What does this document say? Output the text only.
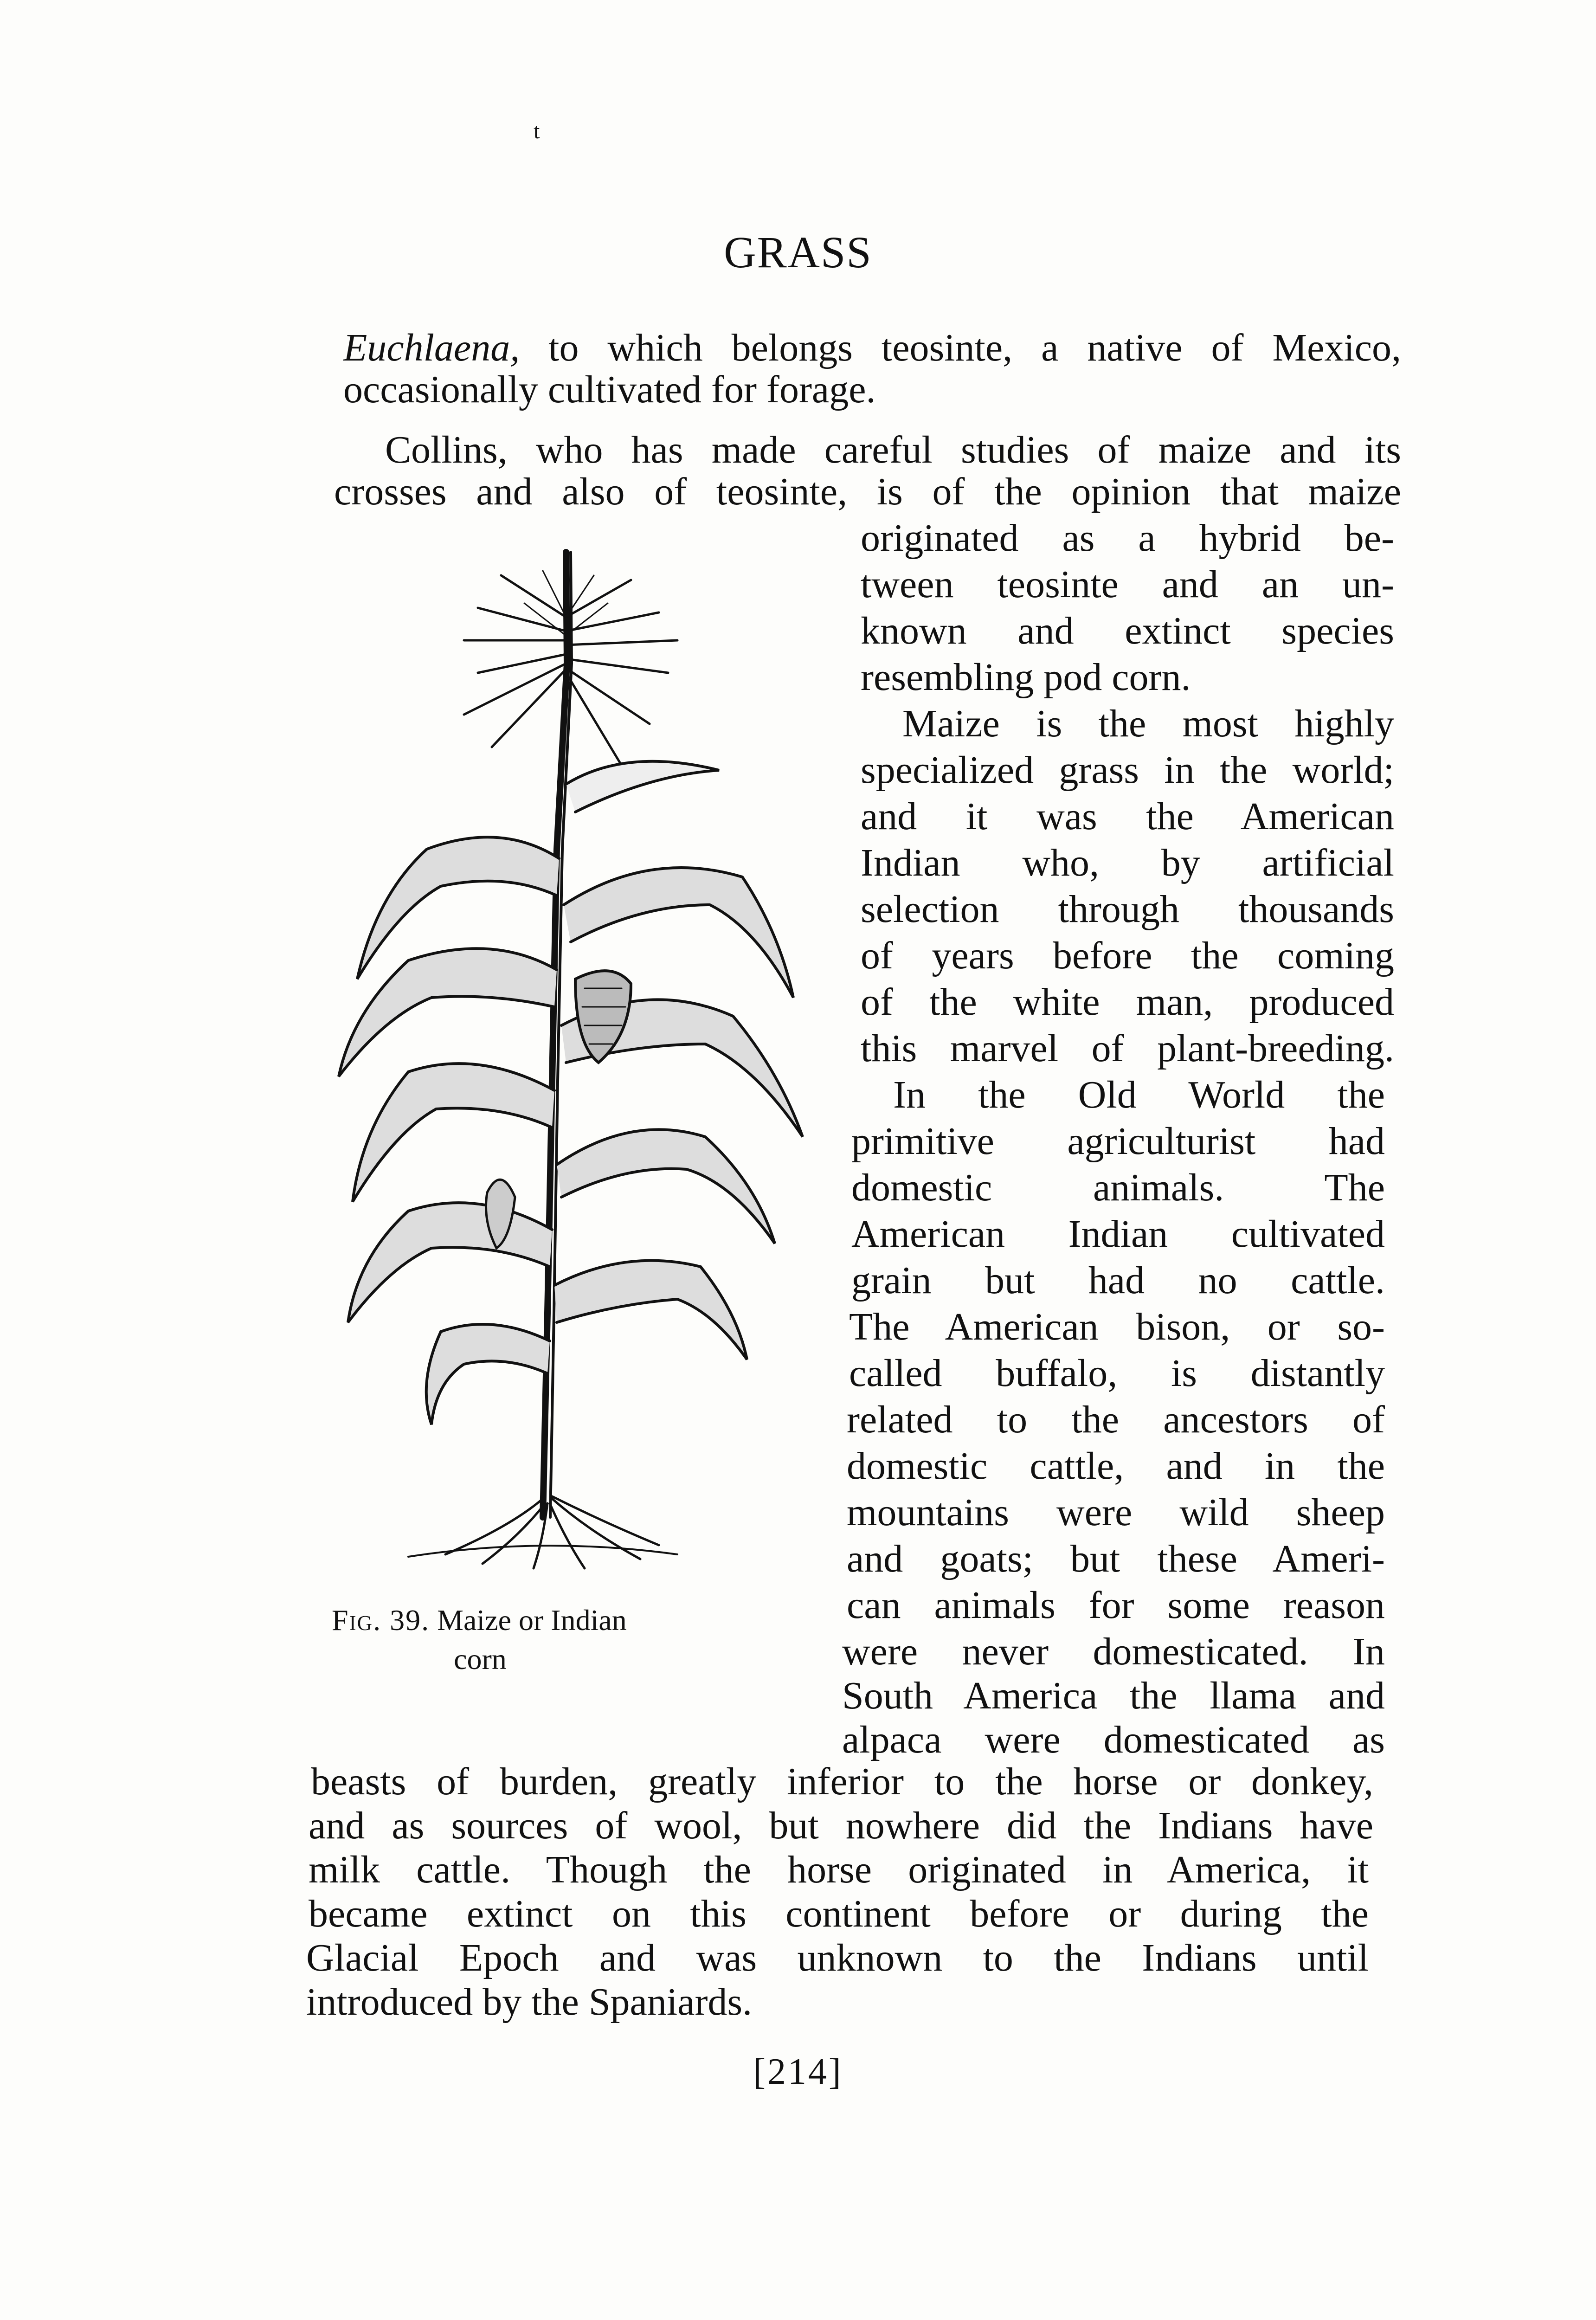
t
GRASS
Euchlaena, to which belongs teosinte, a native of Mexico,
occasionally cultivated for forage.
Collins, who has made careful studies of maize and its
crosses and also of teosinte, is of the opinion that maize
originated as a hybrid be-
tween teosinte and an un-
known and extinct species
resembling pod corn.
Maize is the most highly
specialized grass in the world;
and it was the American
Indian who, by artificial
selection through thousands
of years before the coming
of the white man, produced
this marvel of plant-breeding.
In the Old World the
primitive agriculturist had
domestic animals. The
American Indian cultivated
grain but had no cattle.
The American bison, or so-
called buffalo, is distantly
related to the ancestors of
domestic cattle, and in the
mountains were wild sheep
and goats; but these Ameri-
can animals for some reason
were never domesticated. In
South America the llama and
alpaca were domesticated as
beasts of burden, greatly inferior to the horse or donkey,
and as sources of wool, but nowhere did the Indians have
milk cattle. Though the horse originated in America, it
became extinct on this continent before or during the
Glacial Epoch and was unknown to the Indians until
introduced by the Spaniards.
Fig. 39. Maize or Indian
corn
[214]
